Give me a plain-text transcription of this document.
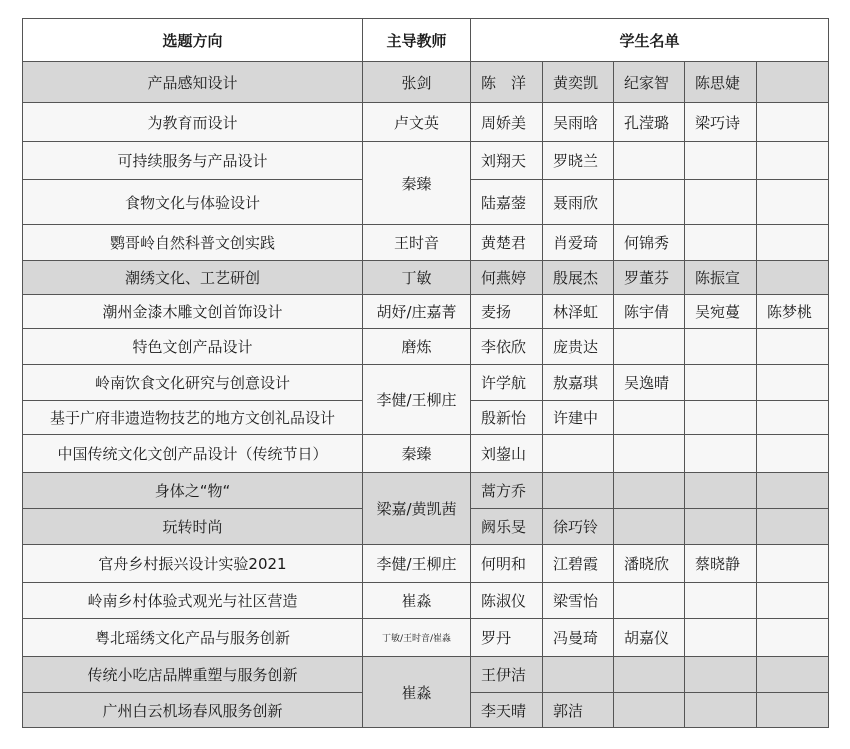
选题方向	主导教师	学生名单				
产品感知设计	张剑	陈　洋	黄奕凯	纪家智	陈思婕	
为教育而设计	卢文英	周娇美	吴雨晗	孔滢璐	梁巧诗	
可持续服务与产品设计	秦臻	刘翔天	罗晓兰			
食物文化与体验设计		陆嘉蓥	聂雨欣			
鹦哥岭自然科普文创实践	王时音	黄楚君	肖爱琦	何锦秀		
潮绣文化、工艺研创	丁敏	何燕婷	殷展杰	罗董芬	陈振宣	
潮州金漆木雕文创首饰设计	胡妤/庄嘉菁	麦扬	林泽虹	陈宇倩	吴宛蔓	陈梦桃
特色文创产品设计	磨炼	李依欣	庞贵达			
岭南饮食文化研究与创意设计	李健/王柳庄	许学航	敖嘉琪	吴逸晴		
基于广府非遗造物技艺的地方文创礼品设计		殷新怡	许建中			
中国传统文化文创产品设计（传统节日）	秦臻	刘鋆山				
身体之“物“	梁嘉/黄凯茜	蒿方乔				
玩转时尚		阙乐旻	徐巧铃			
官舟乡村振兴设计实验2021	李健/王柳庄	何明和	江碧霞	潘晓欣	蔡晓静	
岭南乡村体验式观光与社区营造	崔淼	陈淑仪	梁雪怡			
粤北瑶绣文化产品与服务创新	丁敏/王时音/崔淼	罗丹	冯曼琦	胡嘉仪		
传统小吃店品牌重塑与服务创新	崔淼	王伊洁				
广州白云机场春风服务创新		李天晴	郭洁			
